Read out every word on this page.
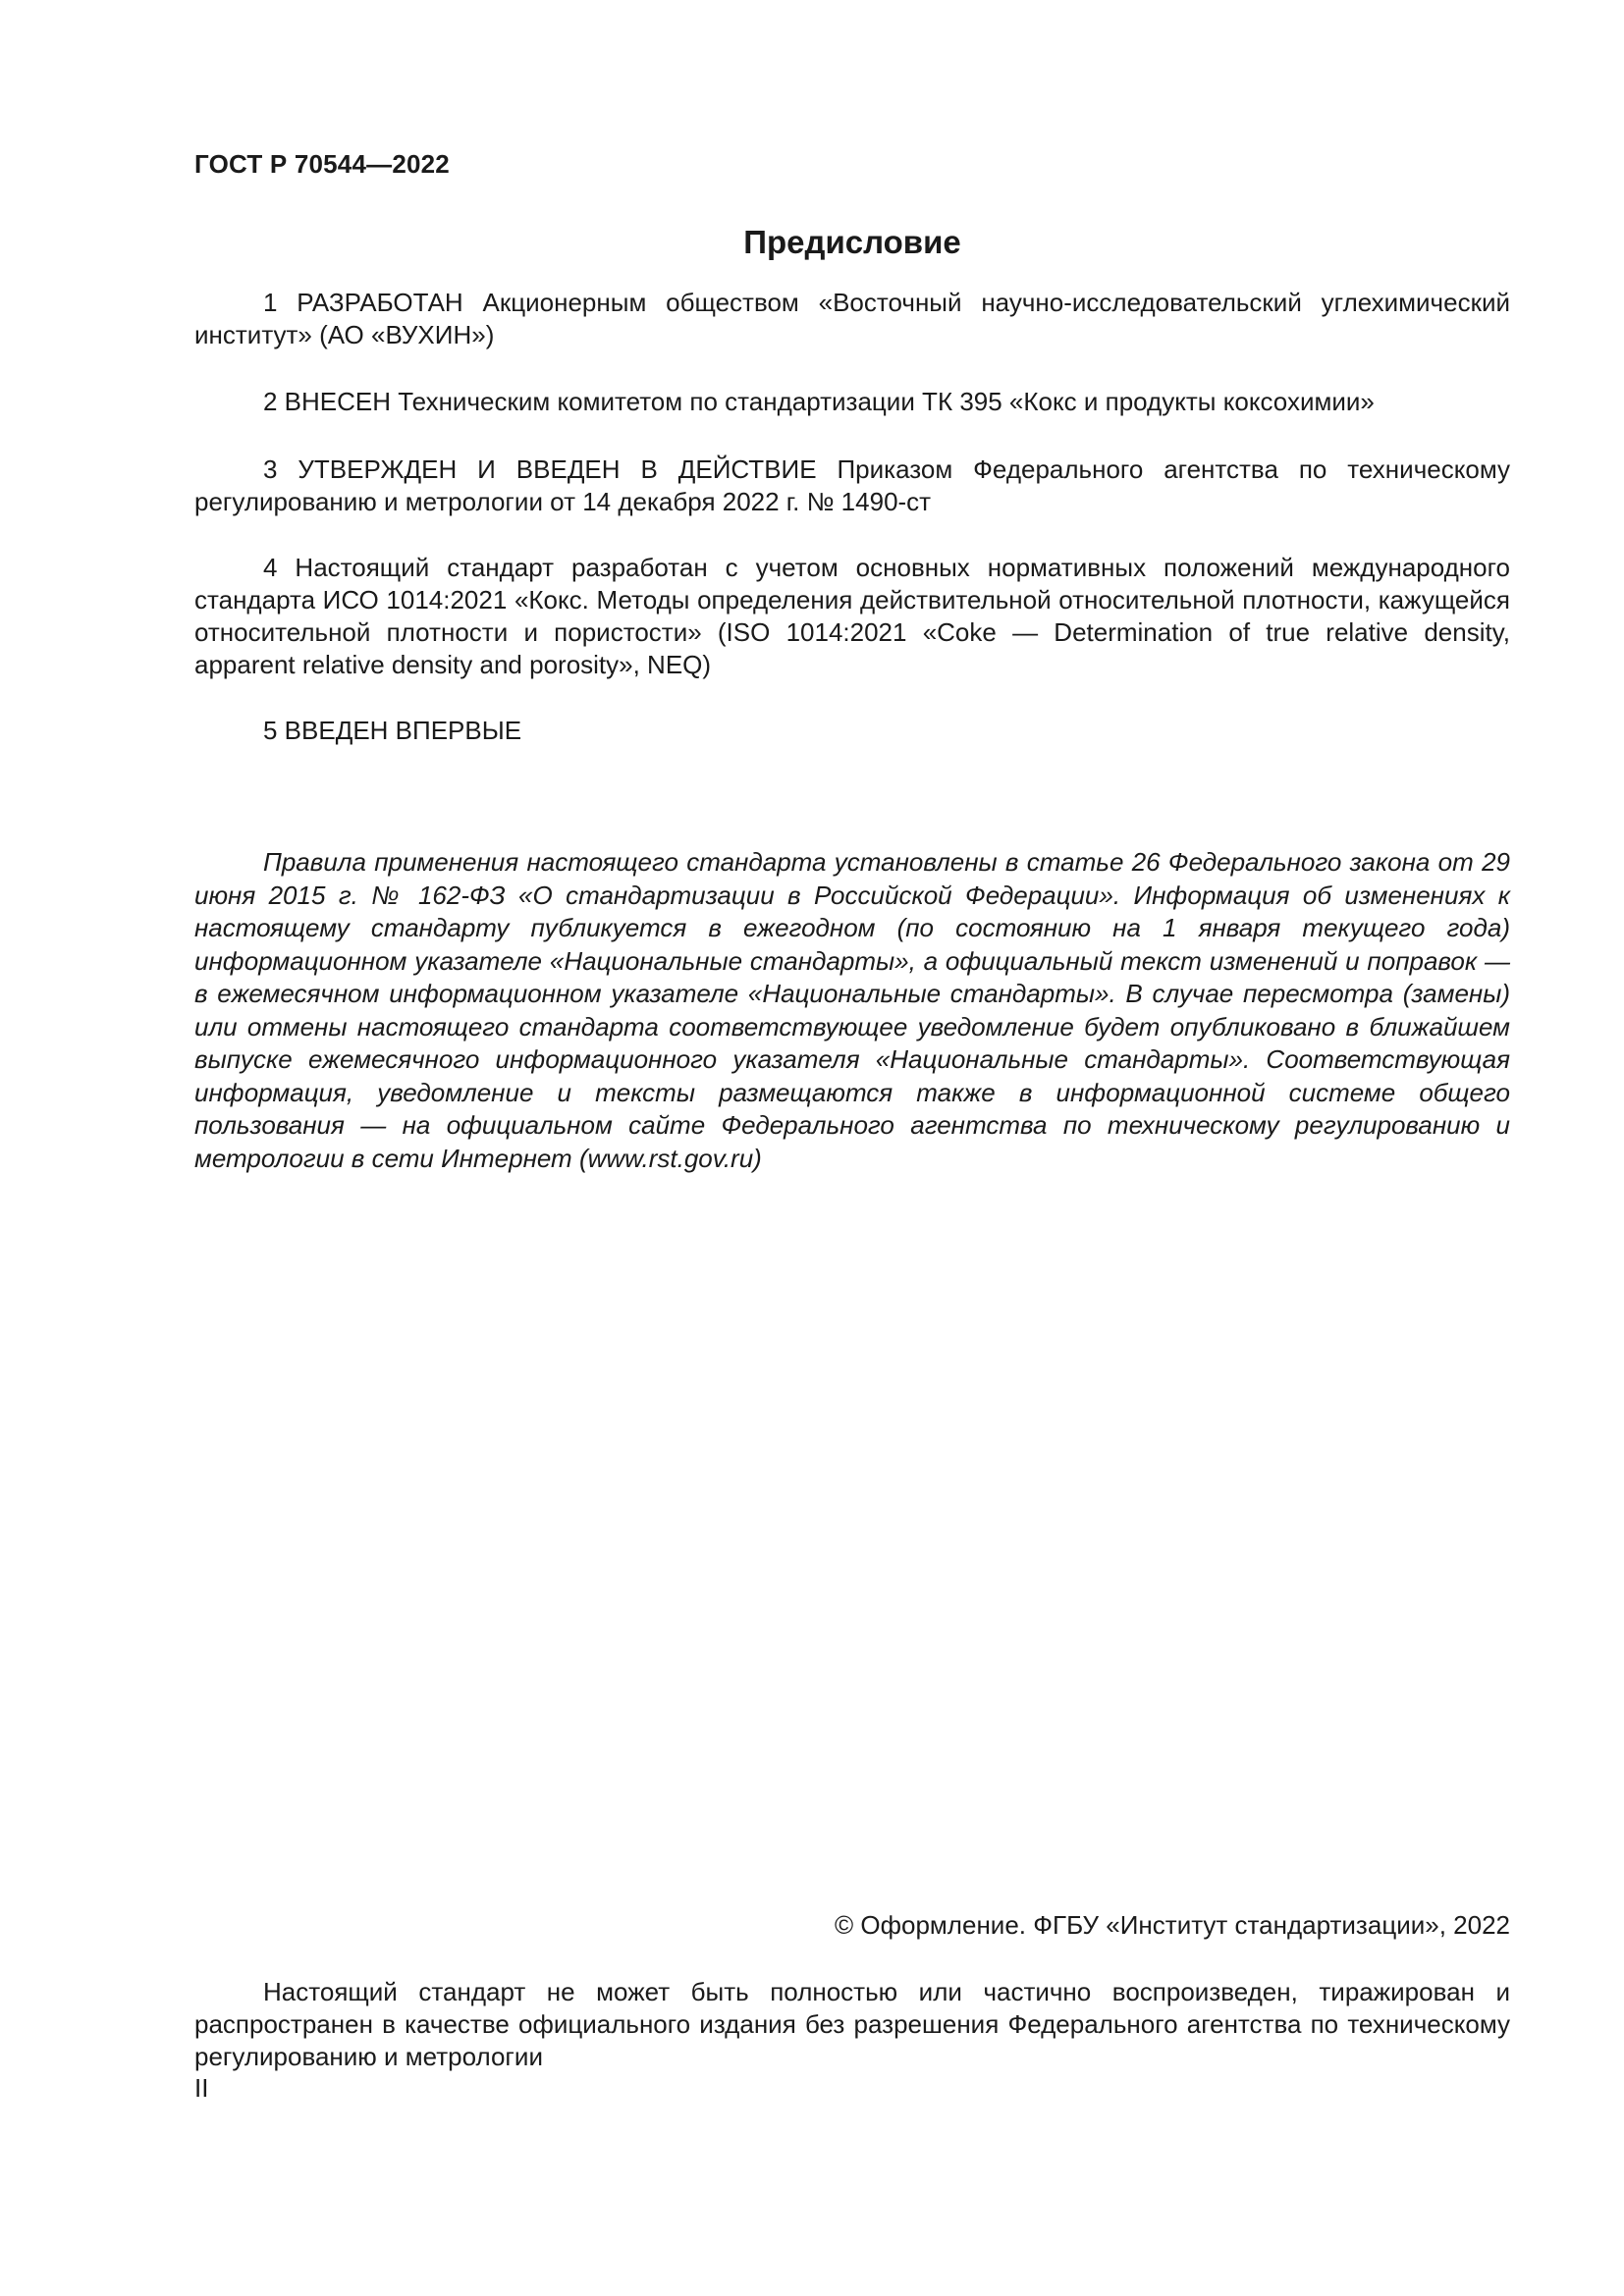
ГОСТ Р 70544—2022
Предисловие

1 РАЗРАБОТАН Акционерным обществом «Восточный научно-исследовательский углехимический институт» (АО «ВУХИН»)

2 ВНЕСЕН Техническим комитетом по стандартизации ТК 395 «Кокс и продукты коксохимии»

3 УТВЕРЖДЕН И ВВЕДЕН В ДЕЙСТВИЕ Приказом Федерального агентства по техническому регулированию и метрологии от 14 декабря 2022 г. № 1490-ст

4 Настоящий стандарт разработан с учетом основных нормативных положений международного стандарта ИСО 1014:2021 «Кокс. Методы определения действительной относительной плотности, кажущейся относительной плотности и пористости» (ISO 1014:2021 «Coke — Determination of true relative density, apparent relative density and porosity», NEQ)

5 ВВЕДЕН ВПЕРВЫЕ

Правила применения настоящего стандарта установлены в статье 26 Федерального закона от 29 июня 2015 г. № 162-ФЗ «О стандартизации в Российской Федерации». Информация об изменениях к настоящему стандарту публикуется в ежегодном (по состоянию на 1 января текущего года) информационном указателе «Национальные стандарты», а официальный текст изменений и поправок — в ежемесячном информационном указателе «Национальные стандарты». В случае пересмотра (замены) или отмены настоящего стандарта соответствующее уведомление будет опубликовано в ближайшем выпуске ежемесячного информационного указателя «Национальные стандарты». Соответствующая информация, уведомление и тексты размещаются также в информационной системе общего пользования — на официальном сайте Федерального агентства по техническому регулированию и метрологии в сети Интернет (www.rst.gov.ru)

© Оформление. ФГБУ «Институт стандартизации», 2022

Настоящий стандарт не может быть полностью или частично воспроизведен, тиражирован и распространен в качестве официального издания без разрешения Федерального агентства по техническому регулированию и метрологии

II
